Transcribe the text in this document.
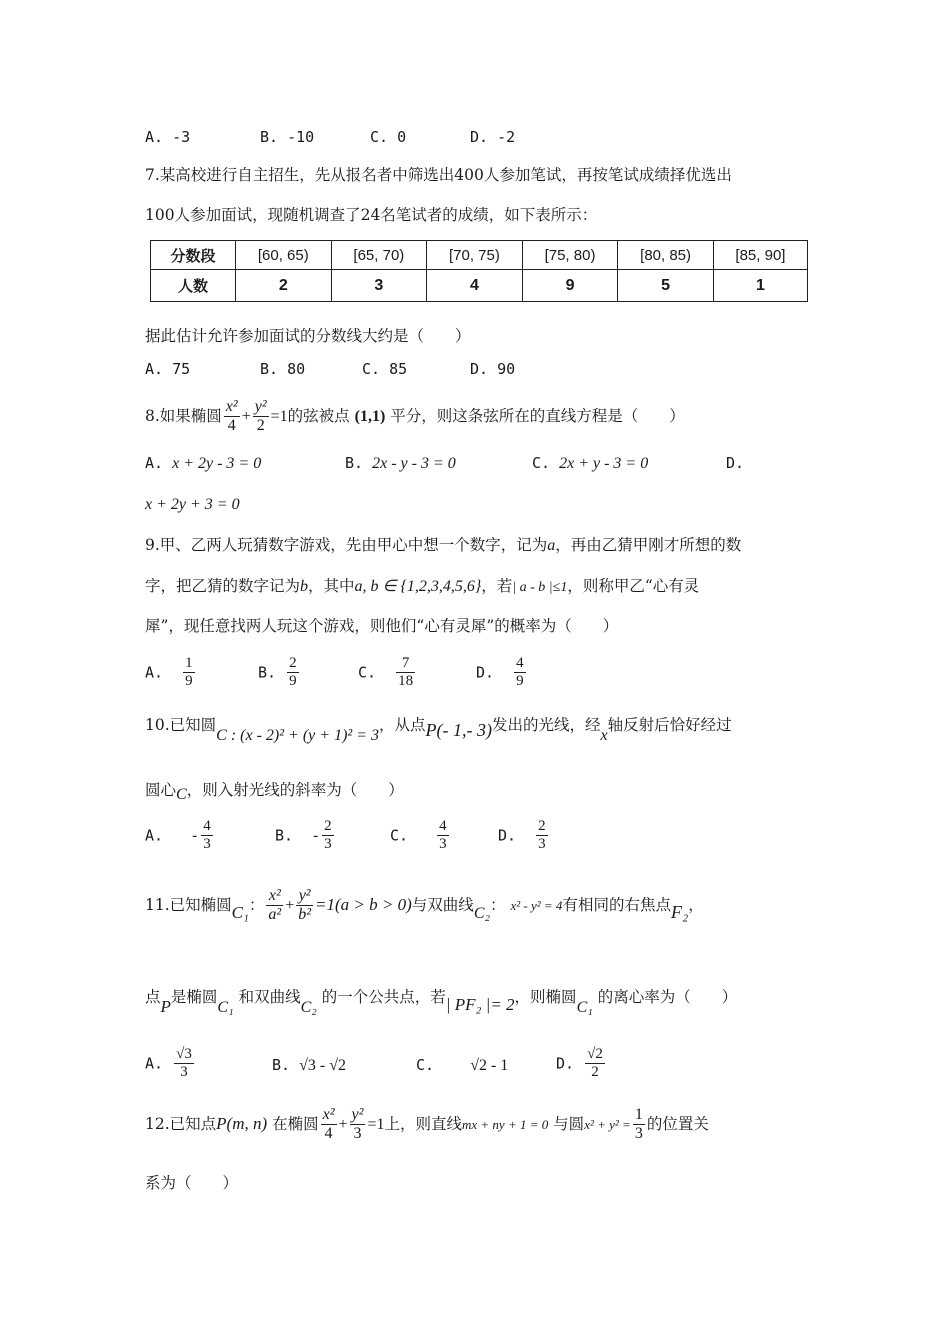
A. -3	B. -10	C. 0	D. -2
7.某高校进行自主招生，先从报名者中筛选出400人参加笔试，再按笔试成绩择优选出
100人参加面试，现随机调查了24名笔试者的成绩，如下表所示：
分数段	[60, 65)	[65, 70)	[70, 75)	[75, 80)	[80, 85)	[85, 90]
人数	2	3	4	9	5	1
据此估计允许参加面试的分数线大约是（　　）
A. 75	B. 80	C. 85	D. 90
8.如果椭圆 $\frac{\text{x²}}{4} + \frac{\text{y²}}{2} =1$的弦被点 (1,1) 平分，则这条弦所在的直线方程是（　　）
A. x + 2y - 3 = 0	B. 2x - y - 3 = 0	C. 2x + y - 3 = 0	D.
x + 2y + 3 = 0
9.甲、乙两人玩猜数字游戏，先由甲心中想一个数字，记为a，再由乙猜甲刚才所想的数
字，把乙猜的数字记为b，其中a, b ∈ {1,2,3,4,5,6}，若| a - b |≤1，则称甲乙“心有灵
犀”，现任意找两人玩这个游戏，则他们“心有灵犀”的概率为（　　）
A. $\frac{1}{9}$	B. $\frac{2}{9}$	C. $\frac{7}{18}$	D. $\frac{4}{9}$
10.已知圆C : (x - 2)² + (y + 1)² = 3，从点P(- 1,- 3)发出的光线，经x轴反射后恰好经过
圆心C，则入射光线的斜率为（　　）
A. - $\frac{4}{3}$	B. - $\frac{2}{3}$	C. $\frac{4}{3}$	D. $\frac{2}{3}$
11.已知椭圆C₁： $\frac{\text{x²}}{\text{a²}} + \frac{\text{y²}}{\text{b²}} =1(a > b > 0)$与双曲线C₂： x² - y² = 4有相同的右焦点F₂，
点P是椭圆C₁ 和双曲线C₂ 的一个公共点，若| PF₂ |= 2，则椭圆C₁ 的离心率为（　　）
A. $\frac{√3}{3}$	B. √3 - √2	C. √2 - 1	D. $\frac{√2}{2}$
12.已知点P(m, n) 在椭圆 $\frac{\text{x²}}{4} + \frac{\text{y²}}{3} =1$上，则直线mx + ny + 1 = 0 与圆$x^2 + y^2 = \frac{1}{3}$ 的位置关
系为（　　）
